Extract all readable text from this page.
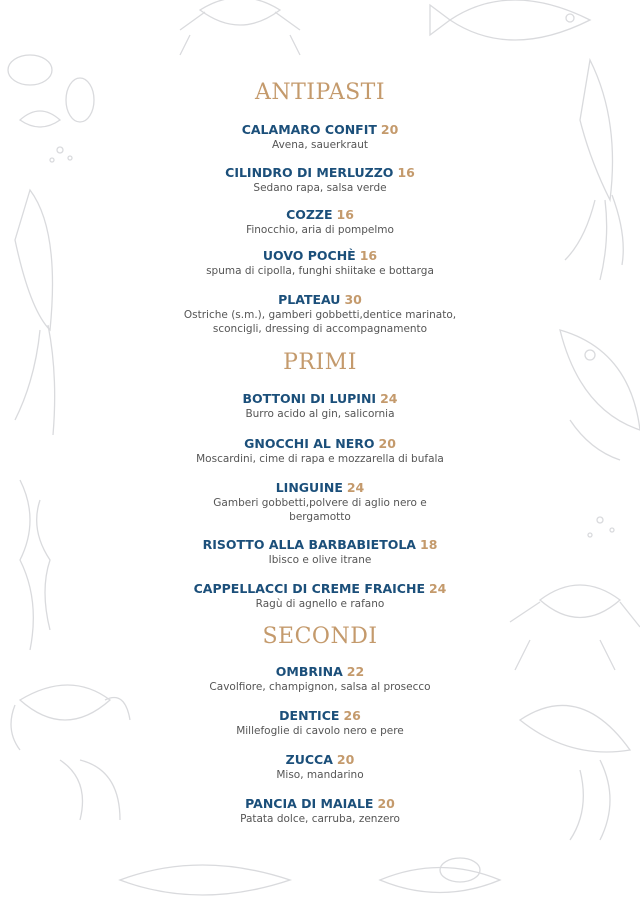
ANTIPASTI
CALAMARO CONFIT 20
Avena, sauerkraut
CILINDRO DI MERLUZZO 16
Sedano rapa, salsa verde
COZZE 16
Finocchio, aria di pompelmo
UOVO POCHÈ 16
spuma di cipolla, funghi shiitake e bottarga
PLATEAU 30
Ostriche (s.m.), gamberi gobbetti,dentice marinato,
sconcigli, dressing di accompagnamento
PRIMI
BOTTONI DI LUPINI 24
Burro acido al gin, salicornia
GNOCCHI AL NERO 20
Moscardini, cime di rapa e mozzarella di bufala
LINGUINE 24
Gamberi gobbetti,polvere di aglio nero e
bergamotto
RISOTTO ALLA BARBABIETOLA 18
Ibisco e olive itrane
CAPPELLACCI DI CREME FRAICHE 24
Ragù di agnello e rafano
SECONDI
OMBRINA 22
Cavolfiore, champignon, salsa al prosecco
DENTICE 26
Millefoglie di cavolo nero e pere
ZUCCA 20
Miso, mandarino
PANCIA DI MAIALE 20
Patata dolce, carruba, zenzero
